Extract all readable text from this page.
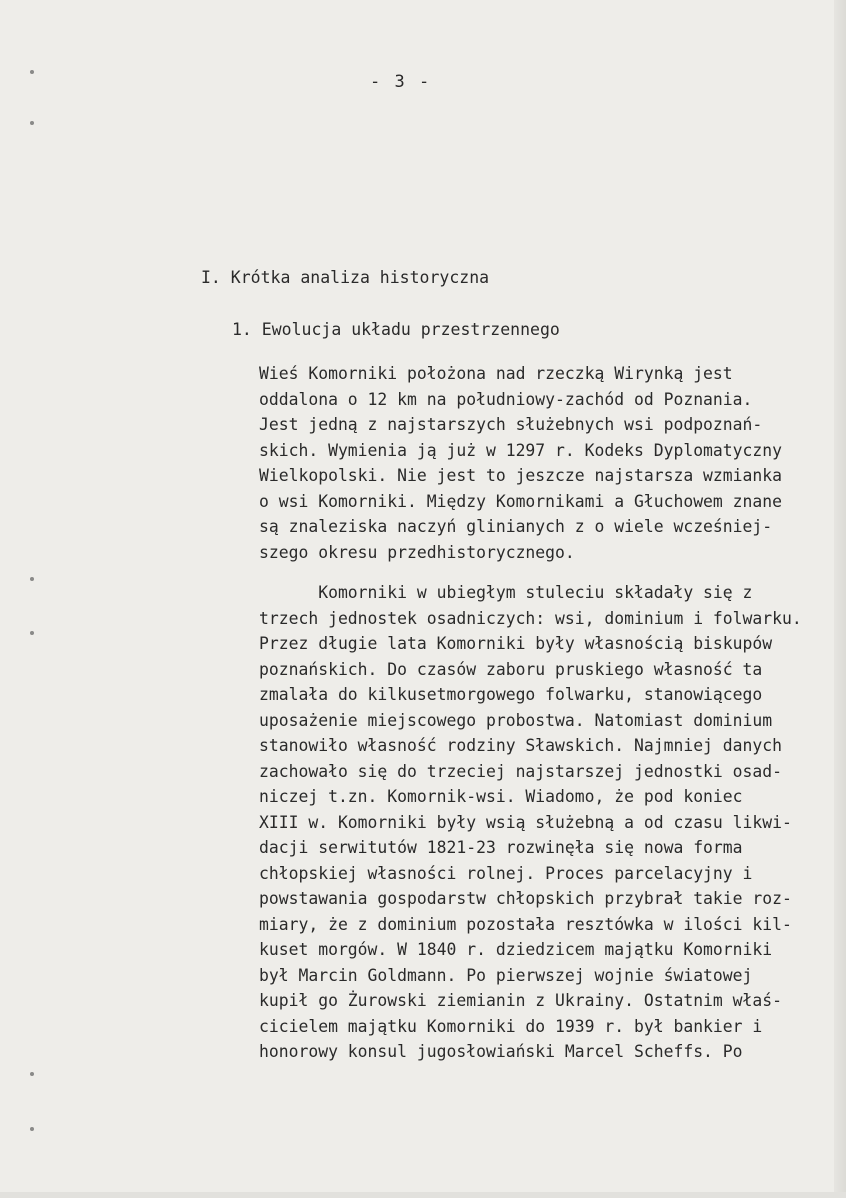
- 3 -
I. Krótka analiza historyczna
1. Ewolucja układu przestrzennego
Wieś Komorniki położona nad rzeczką Wirynką jest
oddalona o 12 km na południowy-zachód od Poznania.
Jest jedną z najstarszych służebnych wsi podpoznań-
skich. Wymienia ją już w 1297 r. Kodeks Dyplomatyczny
Wielkopolski. Nie jest to jeszcze najstarsza wzmianka
o wsi Komorniki. Między Komornikami a Głuchowem znane
są znaleziska naczyń glinianych z o wiele wcześniej-
szego okresu przedhistorycznego.
Komorniki w ubiegłym stuleciu składały się z
trzech jednostek osadniczych: wsi, dominium i folwarku.
Przez długie lata Komorniki były własnością biskupów
poznańskich. Do czasów zaboru pruskiego własność ta
zmalała do kilkusetmorgowego folwarku, stanowiącego
uposażenie miejscowego probostwa. Natomiast dominium
stanowiło własność rodziny Sławskich. Najmniej danych
zachowało się do trzeciej najstarszej jednostki osad-
niczej t.zn. Komornik-wsi. Wiadomo, że pod koniec
XIII w. Komorniki były wsią służebną a od czasu likwi-
dacji serwitutów 1821-23 rozwinęła się nowa forma
chłopskiej własności rolnej. Proces parcelacyjny i
powstawania gospodarstw chłopskich przybrał takie roz-
miary, że z dominium pozostała resztówka w ilości kil-
kuset morgów. W 1840 r. dziedzicem majątku Komorniki
był Marcin Goldmann. Po pierwszej wojnie światowej
kupił go Żurowski ziemianin z Ukrainy. Ostatnim właś-
cicielem majątku Komorniki do 1939 r. był bankier i
honorowy konsul jugosłowiański Marcel Scheffs. Po
